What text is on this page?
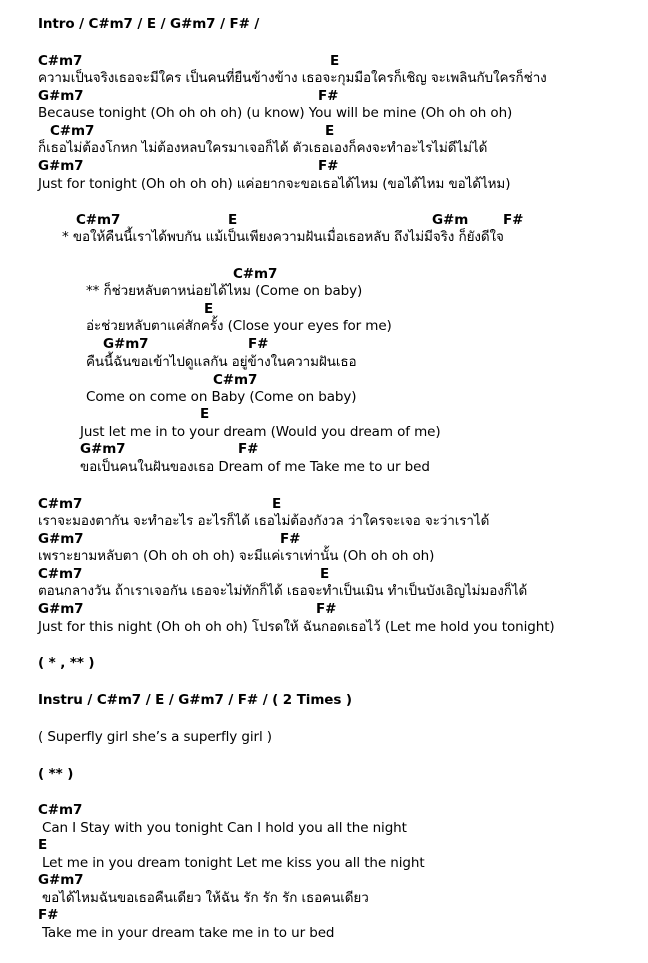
Intro / C#m7 / E / G#m7 / F# /
C#m7	E
ความเป็นจริงเธอจะมีใคร เป็นคนที่ยืนข้างข้าง เธอจะกุมมือใครก็เชิญ จะเพลินกับใครก็ช่าง
G#m7	F#
Because tonight (Oh oh oh oh) (u know) You will be mine (Oh oh oh oh)
C#m7	E
ก็เธอไม่ต้องโกหก ไม่ต้องหลบใครมาเจอก็ได้ ตัวเธอเองก็คงจะทำอะไรไม่ดีไม่ได้
G#m7	F#
Just for tonight (Oh oh oh oh) แค่อยากจะขอเธอได้ไหม (ขอได้ไหม ขอได้ไหม)
C#m7	E	G#m	F#
* ขอให้คืนนี้เราได้พบกัน แม้เป็นเพียงความฝันเมื่อเธอหลับ ถึงไม่มีจริง ก็ยังดีใจ
C#m7
** ก็ช่วยหลับตาหน่อยได้ไหม (Come on baby)
E
อ่ะช่วยหลับตาแค่สักครั้ง (Close your eyes for me)
G#m7	F#
คืนนี้ฉันขอเข้าไปดูแลกัน อยู่ข้างในความฝันเธอ
C#m7
Come on come on Baby (Come on baby)
E
Just let me in to your dream (Would you dream of me)
G#m7	F#
ขอเป็นคนในฝันของเธอ Dream of me Take me to ur bed
C#m7	E
เราจะมองตากัน จะทำอะไร อะไรก็ได้ เธอไม่ต้องกังวล ว่าใครจะเจอ จะว่าเราได้
G#m7	F#
เพราะยามหลับตา (Oh oh oh oh) จะมีแค่เราเท่านั้น (Oh oh oh oh)
C#m7	E
ตอนกลางวัน ถ้าเราเจอกัน เธอจะไม่ทักก็ได้ เธอจะทำเป็นเมิน ทำเป็นบังเอิญไม่มองก็ได้
G#m7	F#
Just for this night (Oh oh oh oh) โปรดให้ ฉันกอดเธอไว้ (Let me hold you tonight)
( * , ** )
Instru / C#m7 / E / G#m7 / F# / ( 2 Times )
( Superfly girl she’s a superfly girl )
( ** )
C#m7
Can I Stay with you tonight Can I hold you all the night
E
Let me in you dream tonight Let me kiss you all the night
G#m7
ขอได้ไหมฉันขอเธอคืนเดียว ให้ฉัน รัก รัก รัก เธอคนเดียว
F#
Take me in your dream take me in to ur bed
